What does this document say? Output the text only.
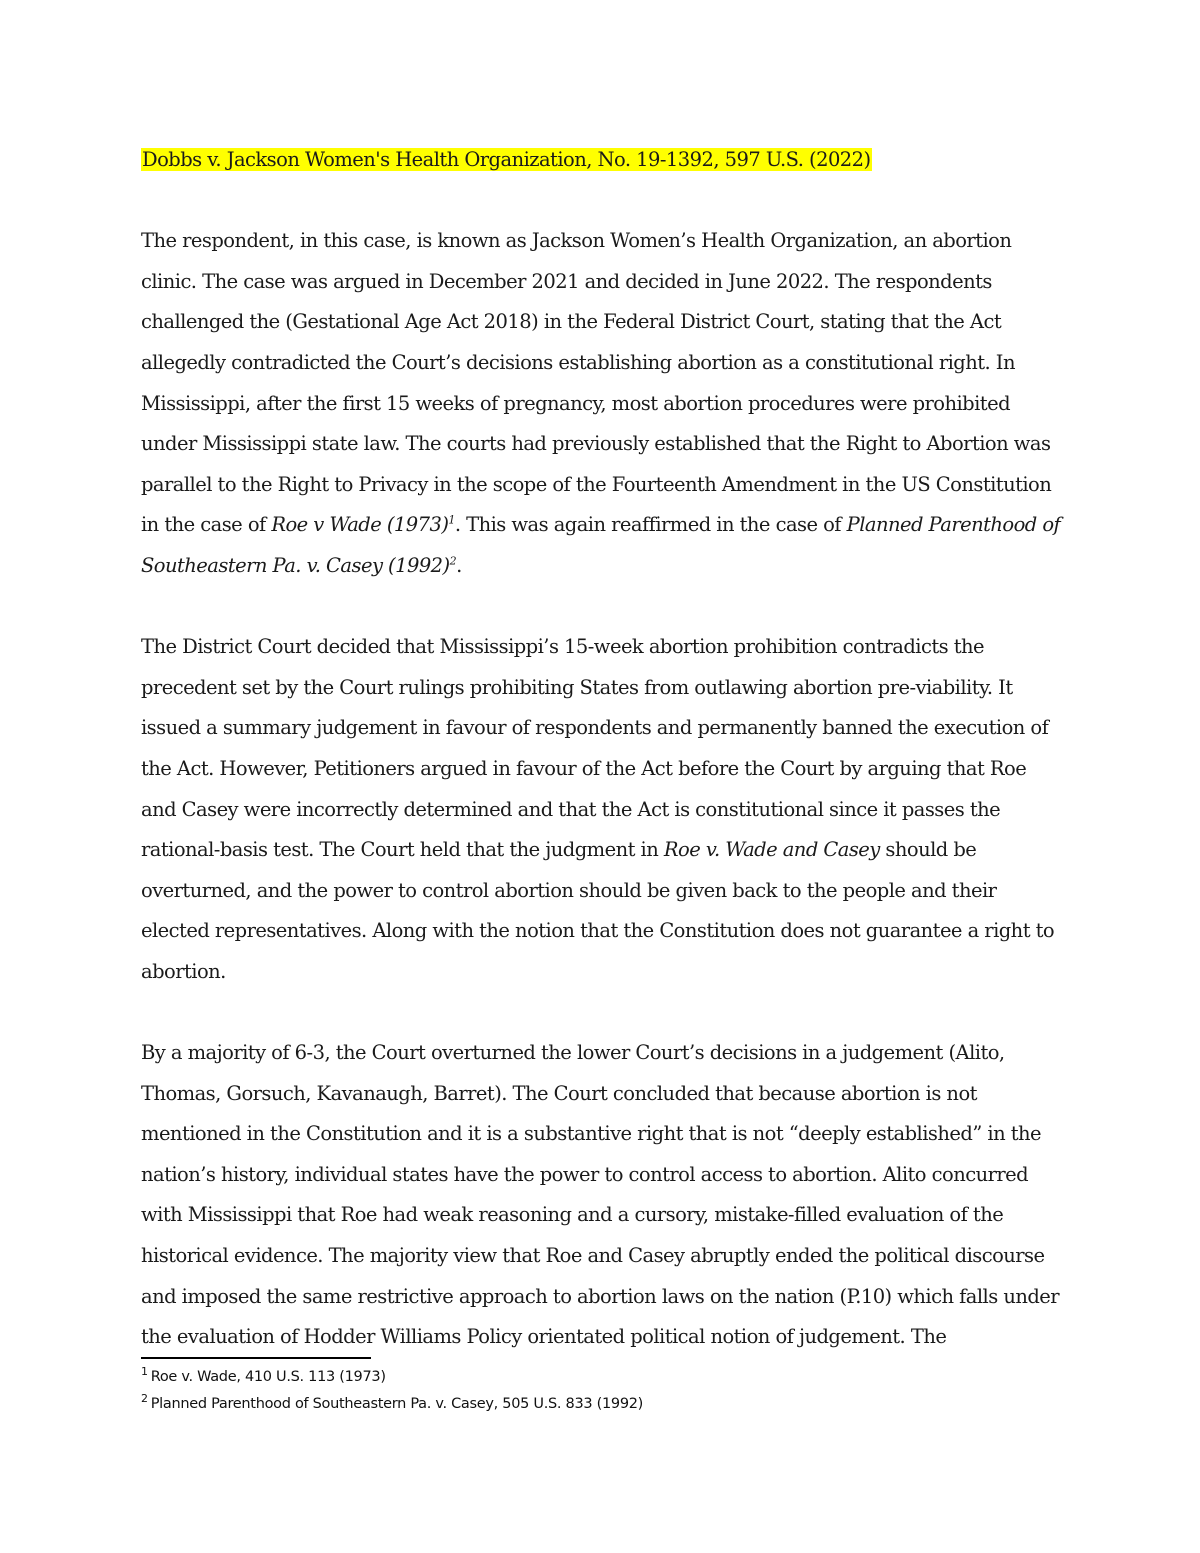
Dobbs v. Jackson Women's Health Organization, No. 19-1392, 597 U.S. (2022)

The respondent, in this case, is known as Jackson Women’s Health Organization, an abortion clinic. The case was argued in December 2021 and decided in June 2022. The respondents challenged the (Gestational Age Act 2018) in the Federal District Court, stating that the Act allegedly contradicted the Court’s decisions establishing abortion as a constitutional right. In Mississippi, after the first 15 weeks of pregnancy, most abortion procedures were prohibited under Mississippi state law. The courts had previously established that the Right to Abortion was parallel to the Right to Privacy in the scope of the Fourteenth Amendment in the US Constitution in the case of Roe v Wade $(1973)^1$. This was again reaffirmed in the case of Planned Parenthood of Southeastern Pa. v. Casey $(1992)^2$.

The District Court decided that Mississippi’s 15-week abortion prohibition contradicts the precedent set by the Court rulings prohibiting States from outlawing abortion pre-viability. It issued a summary judgement in favour of respondents and permanently banned the execution of the Act. However, Petitioners argued in favour of the Act before the Court by arguing that Roe and Casey were incorrectly determined and that the Act is constitutional since it passes the rational-basis test. The Court held that the judgment in Roe v. Wade and Casey should be overturned, and the power to control abortion should be given back to the people and their elected representatives. Along with the notion that the Constitution does not guarantee a right to abortion.

By a majority of 6-3, the Court overturned the lower Court’s decisions in a judgement (Alito, Thomas, Gorsuch, Kavanaugh, Barret). The Court concluded that because abortion is not mentioned in the Constitution and it is a substantive right that is not “deeply established” in the nation’s history, individual states have the power to control access to abortion. Alito concurred with Mississippi that Roe had weak reasoning and a cursory, mistake-filled evaluation of the historical evidence. The majority view that Roe and Casey abruptly ended the political discourse and imposed the same restrictive approach to abortion laws on the nation (P.10) which falls under the evaluation of Hodder Williams Policy orientated political notion of judgement. The

$^1$ Roe v. Wade, 410 U.S. 113 (1973)
$^2$ Planned Parenthood of Southeastern Pa. v. Casey, 505 U.S. 833 (1992)
